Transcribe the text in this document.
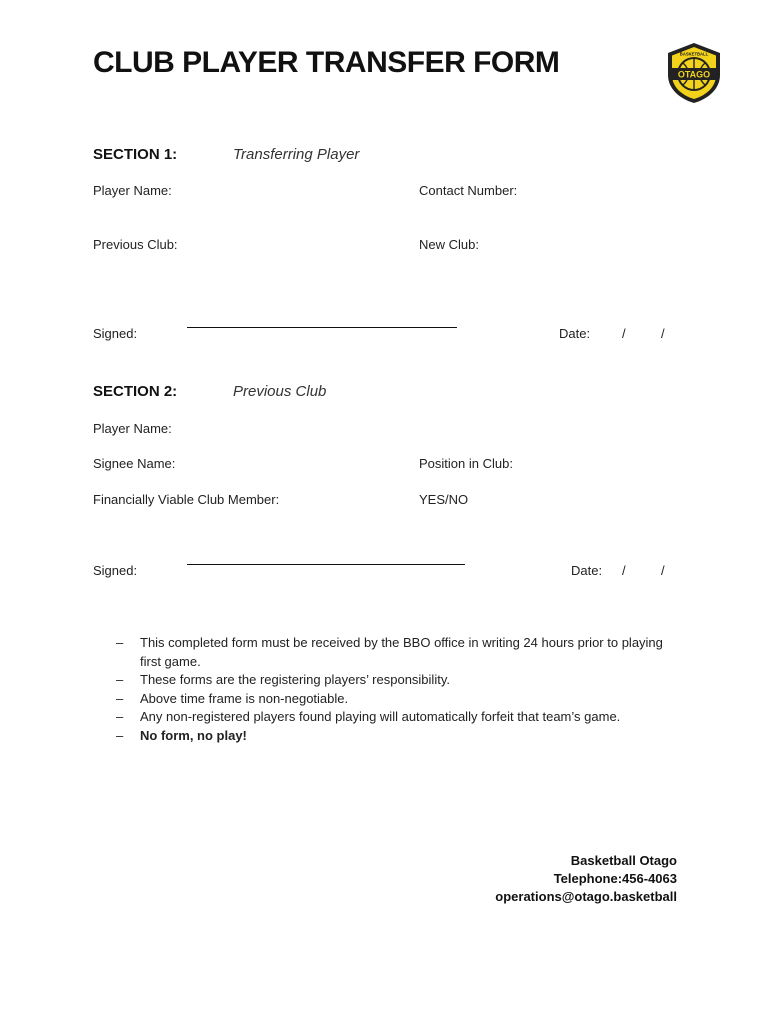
CLUB PLAYER TRANSFER FORM	OTAGO
BASKETBALL
SECTION 1:	Transferring Player
Player Name:	Contact Number:
Previous Club:	New Club:
Signed:	Date: /	/
SECTION 2:	Previous Club
Player Name:
Signee Name:	Position in Club:
Financially Viable Club Member:	YES/NO
Signed:	Date: /	/
–	This completed form must be received by the BBO office in writing 24 hours prior to playing first game.
–	These forms are the registering players’ responsibility.
–	Above time frame is non-negotiable.
–	Any non-registered players found playing will automatically forfeit that team’s game.
–	No form, no play!
Basketball Otago
Telephone:456-4063
operations@otago.basketball
